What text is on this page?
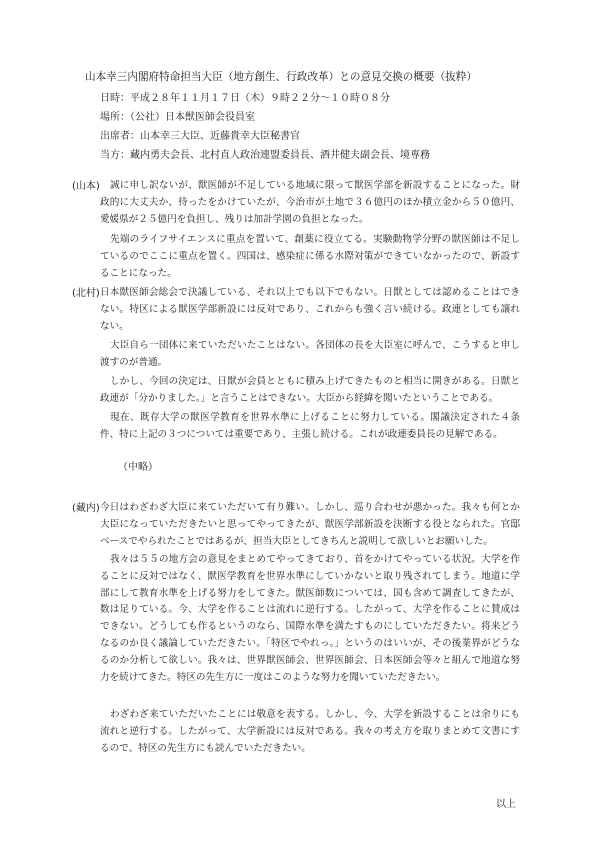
山本幸三内閣府特命担当大臣（地方創生、行政改革）との意見交換の概要（抜粋）
日時：平成２８年１１月１７日（木）９時２２分～１０時０８分
場所：（公社）日本獣医師会役員室
出席者：山本幸三大臣、近藤貴幸大臣秘書官
当方：藏内勇夫会長、北村直人政治連盟委員長、酒井健夫副会長、境専務
(山本)	誠に申し訳ないが、獣医師が不足している地域に限って獣医学部を新設することになった。財政的に大丈夫か、待ったをかけていたが、今治市が土地で３６億円のほか積立金から５０億円、愛媛県が２５億円を負担し、残りは加計学園の負担となった。
先端のライフサイエンスに重点を置いて、創薬に役立てる。実験動物学分野の獣医師は不足しているのでここに重点を置く。四国は、感染症に係る水際対策ができていなかったので、新設することになった。
(北村) 日本獣医師会総会で決議している、それ以上でも以下でもない。日獣としては認めることはできない。特区による獣医学部新設には反対であり、これからも強く言い続ける。政連としても譲れない。
大臣自ら一団体に来ていただいたことはない。各団体の長を大臣室に呼んで、こうすると申し渡すのが普通。
しかし、今回の決定は、日獣が会員とともに積み上げてきたものと相当に開きがある。日獣と政連が「分かりました。」と言うことはできない。大臣から経緯を聞いたということである。
現在、既存大学の獣医学教育を世界水準に上げることに努力している。閣議決定された４条件、特に上記の３つについては重要であり、主張し続ける。これが政連委員長の見解である。
（中略）
(藏内) 今日はわざわざ大臣に来ていただいて有り難い。しかし、巡り合わせが悪かった。我々も何とか大臣になっていただきたいと思ってやってきたが、獣医学部新設を決断する役となられた。官邸ベースでやられたことではあるが、担当大臣としてきちんと説明して欲しいとお願いした。
我々は５５の地方会の意見をまとめてやってきており、首をかけてやっている状況。大学を作ることに反対ではなく、獣医学教育を世界水準にしていかないと取り残されてしまう。地道に学部にして教育水準を上げる努力をしてきた。獣医師数については、国も含めて調査してきたが、数は足りている。今、大学を作ることは流れに逆行する。したがって、大学を作ることに賛成はできない。どうしても作るというのなら、国際水準を満たすものにしていただきたい。将来どうなるのか良く議論していただきたい。「特区でやれっ。」というのはいいが、その後業界がどうなるのか分析して欲しい。我々は、世界獣医師会、世界医師会、日本医師会等々と組んで地道な努力を続けてきた。特区の先生方に一度はこのような努力を聞いていただきたい。
わざわざ来ていただいたことには敬意を表する。しかし、今、大学を新設することは余りにも流れと逆行する。したがって、大学新設には反対である。我々の考え方を取りまとめて文書にするので、特区の先生方にも読んでいただきたい。
以上
